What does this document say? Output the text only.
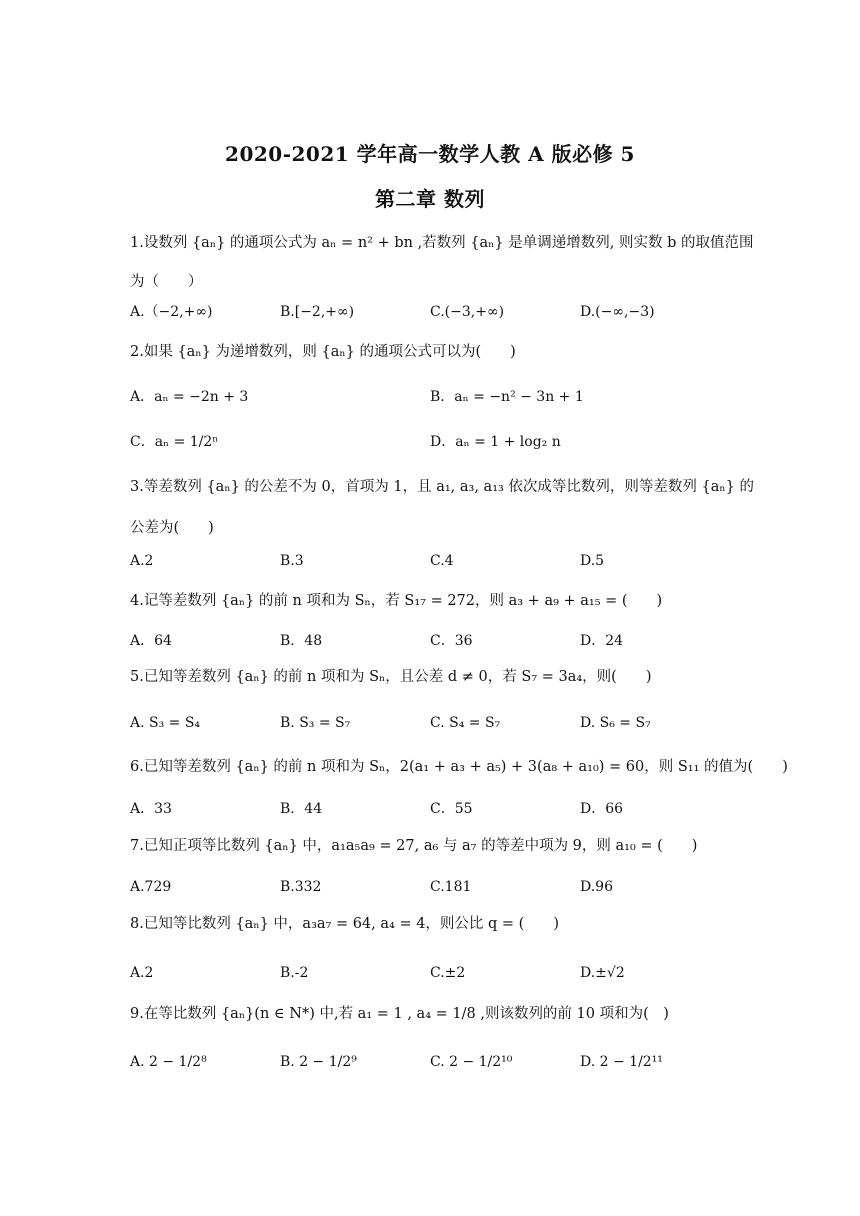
2020-2021 学年高一数学人教 A 版必修 5
第二章 数列
1.设数列 {aₙ} 的通项公式为 aₙ = n² + bn ,若数列 {aₙ} 是单调递增数列, 则实数 b 的取值范围
为（　　）
A.（−2,+∞)	B.[−2,+∞)	C.(−3,+∞)	D.(−∞,−3)
2.如果 {aₙ} 为递增数列，则 {aₙ} 的通项公式可以为(　　)
A．aₙ = −2n + 3	B．aₙ = −n² − 3n + 1
C．aₙ = 1/2ⁿ	D．aₙ = 1 + log₂ n
3.等差数列 {aₙ} 的公差不为 0，首项为 1，且 a₁, a₃, a₁₃ 依次成等比数列，则等差数列 {aₙ} 的
公差为(　　)
A.2	B.3	C.4	D.5
4.记等差数列 {aₙ} 的前 n 项和为 Sₙ，若 S₁₇ = 272，则 a₃ + a₉ + a₁₅ = (　　)
A．64	B．48	C．36	D．24
5.已知等差数列 {aₙ} 的前 n 项和为 Sₙ，且公差 d ≠ 0，若 S₇ = 3a₄，则(　　)
A. S₃ = S₄	B. S₃ = S₇	C. S₄ = S₇	D. S₆ = S₇
6.已知等差数列 {aₙ} 的前 n 项和为 Sₙ，2(a₁ + a₃ + a₅) + 3(a₈ + a₁₀) = 60，则 S₁₁ 的值为(　　)
A．33	B．44	C．55	D．66
7.已知正项等比数列 {aₙ} 中，a₁a₅a₉ = 27, a₆ 与 a₇ 的等差中项为 9，则 a₁₀ = (　　)
A.729	B.332	C.181	D.96
8.已知等比数列 {aₙ} 中，a₃a₇ = 64, a₄ = 4，则公比 q = (　　)
A.2	B.-2	C.±2	D.±√2
9.在等比数列 {aₙ}(n ∈ N*) 中,若 a₁ = 1 , a₄ = 1/8 ,则该数列的前 10 项和为(　)
A. 2 − 1/2⁸	B. 2 − 1/2⁹	C. 2 − 1/2¹⁰	D. 2 − 1/2¹¹
